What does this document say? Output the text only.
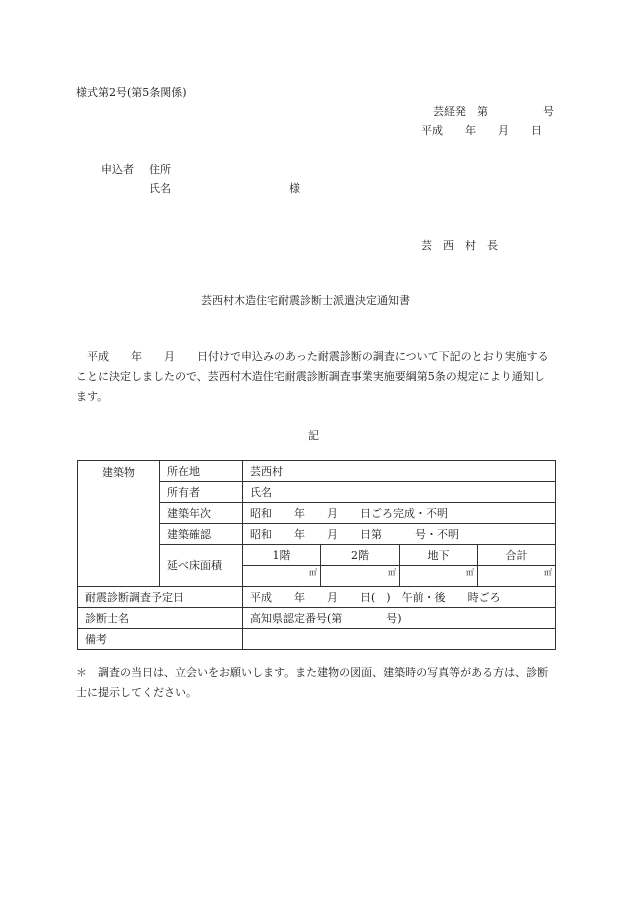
様式第2号(第5条関係)
芸経発　第　　　　　号
平成　　年　　月　　日
申込者 住所
氏名	様
芸　西　村　長
芸西村木造住宅耐震診断士派遣決定通知書
平成　　年　　月　　日付けで申込みのあった耐震診断の調査について下記のとおり実施することに決定しましたので、芸西村木造住宅耐震診断調査事業実施要綱第5条の規定により通知します。
記
建築物	所在地	芸西村			
	所有者	氏名			
	建築年次	昭和　　年　　月　　日ごろ完成・不明			
	建築確認	昭和　　年　　月　　日第　　　号・不明			
	延べ床面積	1階	2階	地下	合計
		㎡	㎡	㎡	㎡
耐震診断調査予定日		平成　　年　　月　　日(　)　午前・後　　時ごろ			
診断士名		高知県認定番号(第　　　　号)			
備考					
＊　調査の当日は、立会いをお願いします。また建物の図面、建築時の写真等がある方は、診断士に提示してください。
